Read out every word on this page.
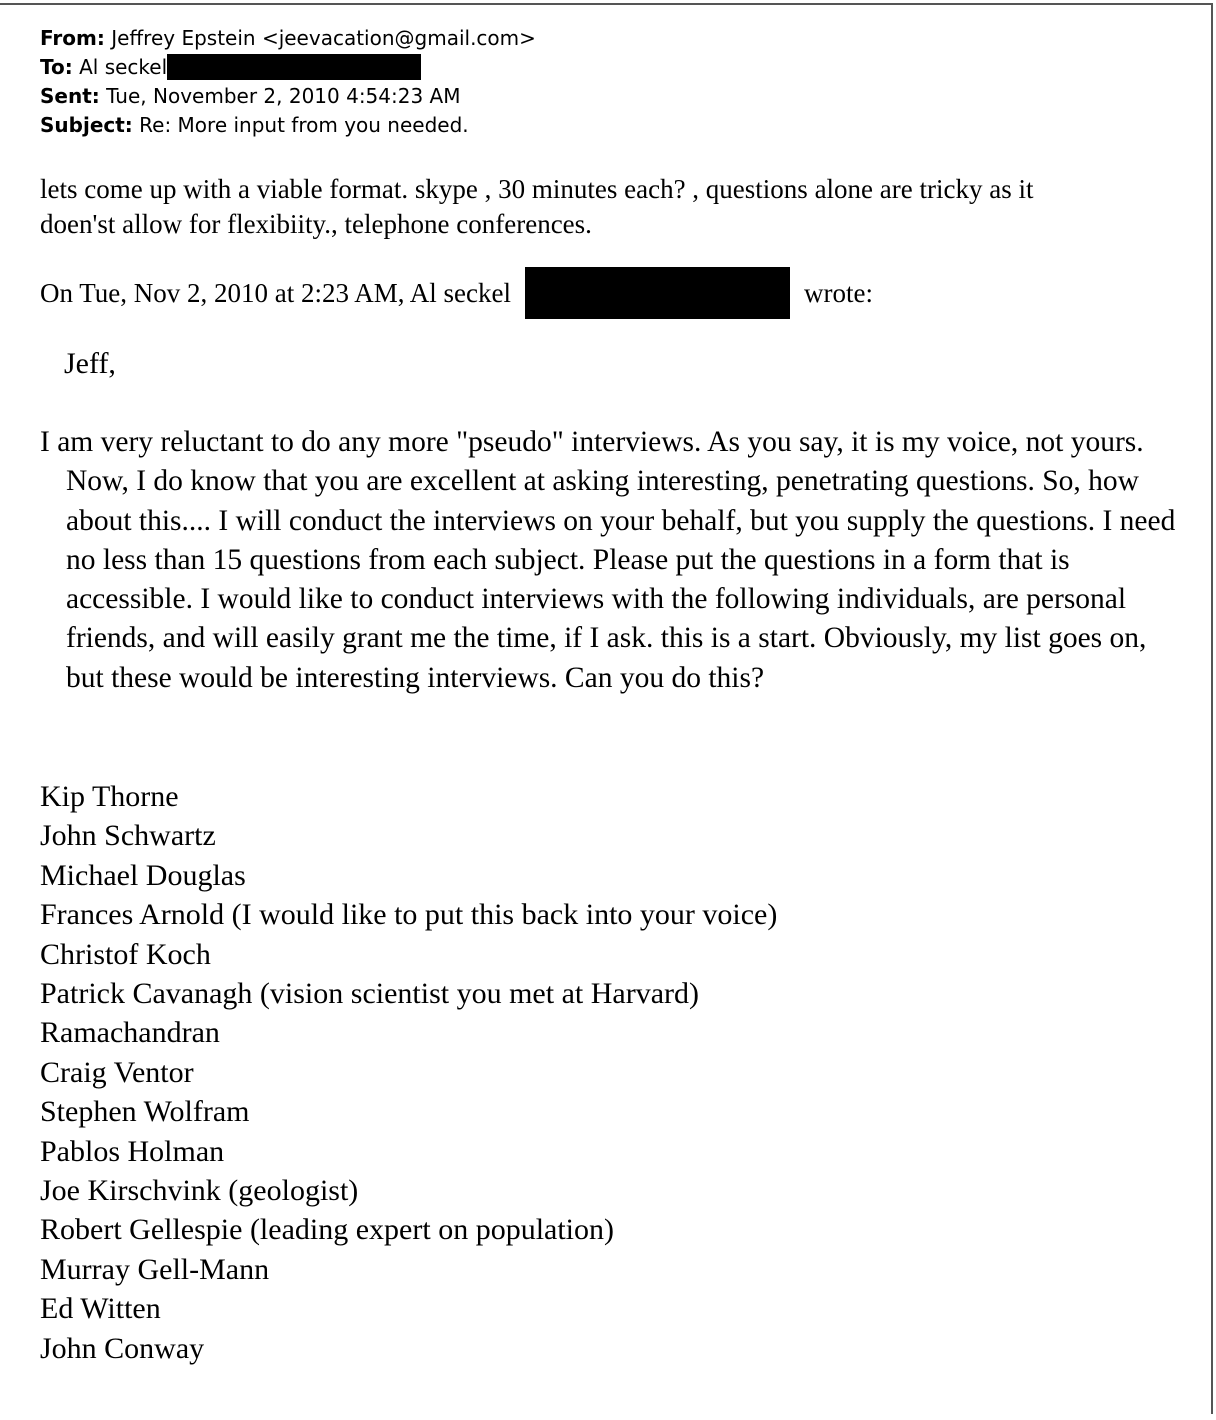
From: Jeffrey Epstein <jeevacation@gmail.com>
To: Al seckel
Sent: Tue, November 2, 2010 4:54:23 AM
Subject: Re: More input from you needed.
lets come up with a viable format. skype , 30 minutes each? , questions alone are tricky as it
doen'st allow for flexibiity., telephone conferences.
On Tue, Nov 2, 2010 at 2:23 AM, Al seckel	wrote:
Jeff,
I am very reluctant to do any more "pseudo" interviews. As you say, it is my voice, not yours. Now, I do know that you are excellent at asking interesting, penetrating questions. So, how about this.... I will conduct the interviews on your behalf, but you supply the questions. I need no less than 15 questions from each subject. Please put the questions in a form that is accessible. I would like to conduct interviews with the following individuals, are personal friends, and will easily grant me the time, if I ask. this is a start. Obviously, my list goes on, but these would be interesting interviews. Can you do this?
Kip Thorne
John Schwartz
Michael Douglas
Frances Arnold (I would like to put this back into your voice)
Christof Koch
Patrick Cavanagh (vision scientist you met at Harvard)
Ramachandran
Craig Ventor
Stephen Wolfram
Pablos Holman
Joe Kirschvink (geologist)
Robert Gellespie (leading expert on population)
Murray Gell-Mann
Ed Witten
John Conway
